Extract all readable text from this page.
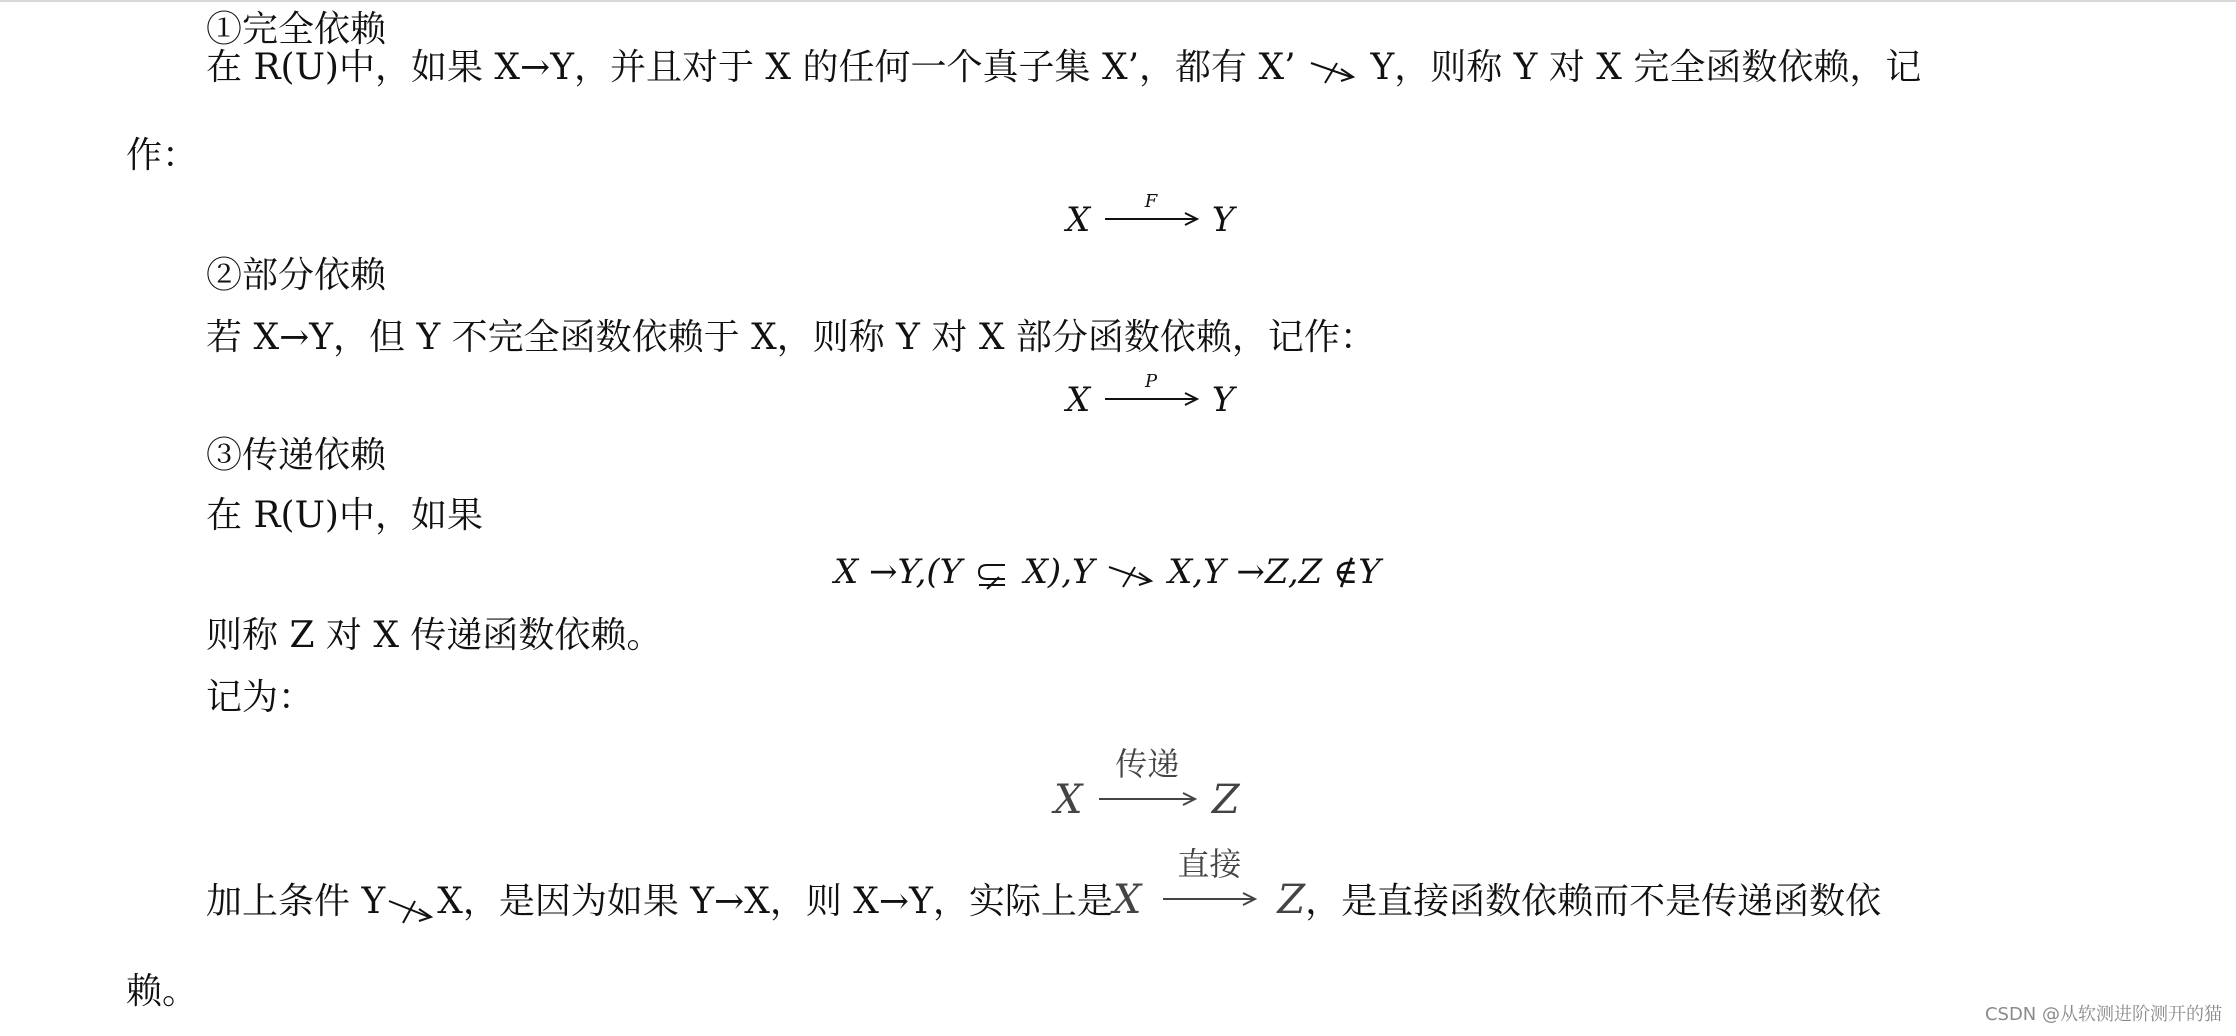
①完全依赖
在 R(U)中，如果 X→Y，并且对于 X 的任何一个真子集 X’，都有 X’ Y，则称 Y 对 X 完全函数依赖，记
作：
X	F	Y
②部分依赖
若 X→Y，但 Y 不完全函数依赖于 X，则称 Y 对 X 部分函数依赖，记作：
X	P	Y
③传递依赖
在 R(U)中，如果
X →Y,(Y X),Y X,Y →Z,Z ∉Y
则称 Z 对 X 传递函数依赖。
记为：
X
传递
Z
加上条件 Y X，是因为如果 Y→X，则 X→Y，实际上是X
直接
Z，是直接函数依赖而不是传递函数依
赖。
CSDN @从软测进阶测开的猫
